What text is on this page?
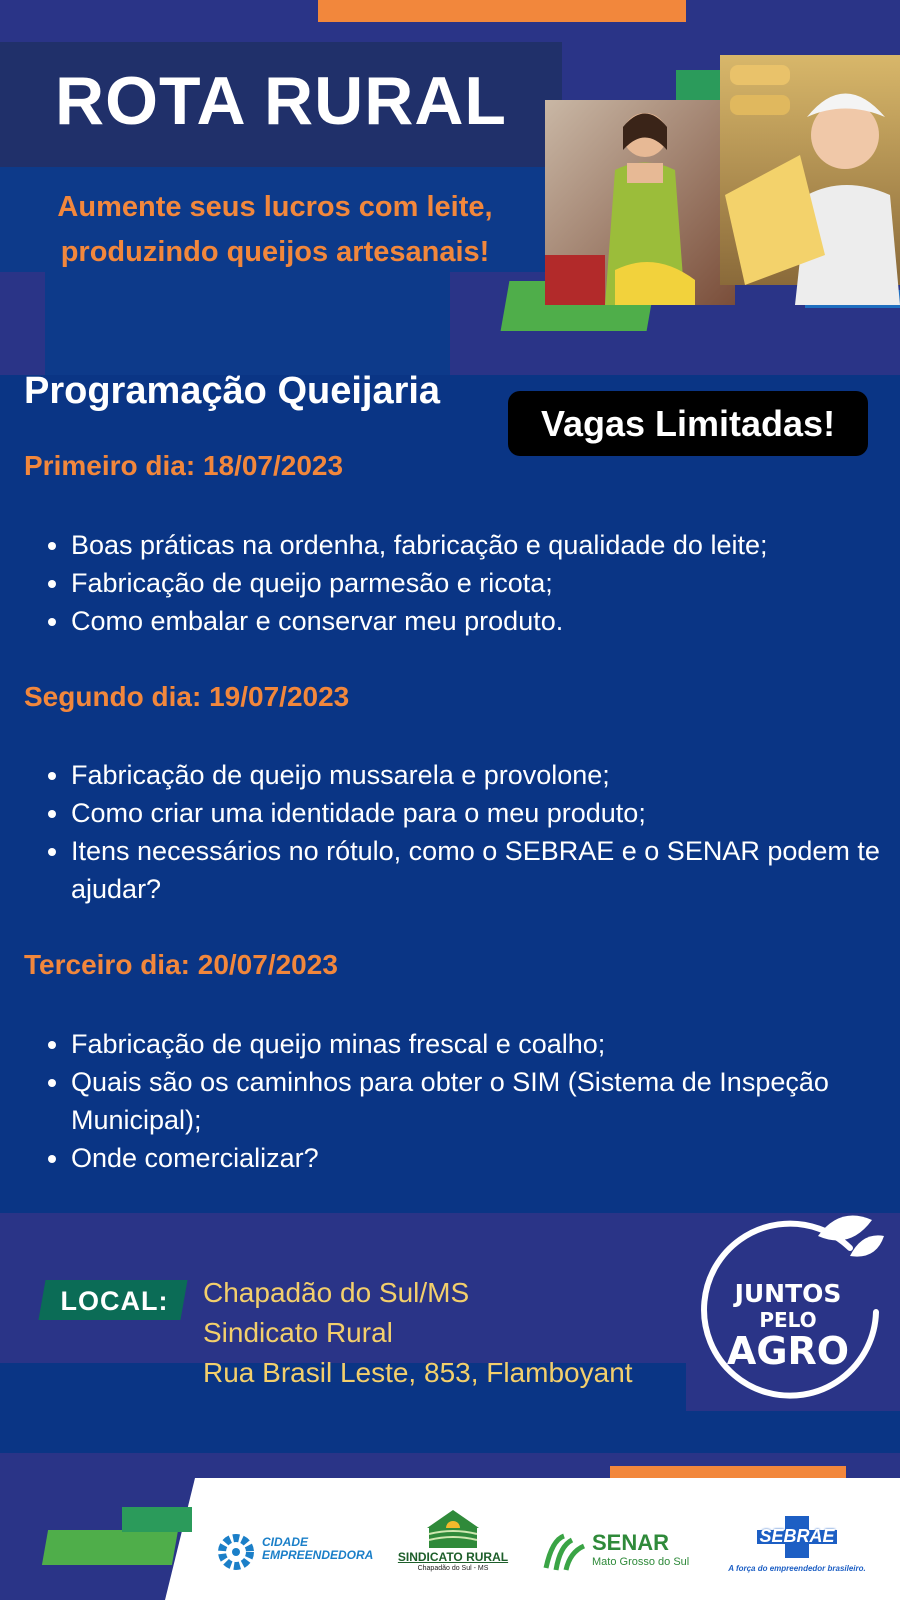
ROTA RURAL
Aumente seus lucros com leite,
produzindo queijos artesanais!
Programação Queijaria
Vagas Limitadas!
Primeiro dia: 18/07/2023
• Boas práticas na ordenha, fabricação e qualidade do leite;
• Fabricação de queijo parmesão e ricota;
• Como embalar e conservar meu produto.
Segundo dia: 19/07/2023
• Fabricação de queijo mussarela e provolone;
• Como criar uma identidade para o meu produto;
• Itens necessários no rótulo, como o SEBRAE e o SENAR podem te ajudar?
Terceiro dia: 20/07/2023
• Fabricação de queijo minas frescal e coalho;
• Quais são os caminhos para obter o SIM (Sistema de Inspeção Municipal);
• Onde comercializar?
LOCAL:	Chapadão do Sul/MS
Sindicato Rural
Rua Brasil Leste, 853, Flamboyant
JUNTOS
PELO
AGRO
CIDADE
EMPREENDEDORA	SINDICATO RURAL
Chapadão do Sul - MS
SENAR
Mato Grosso do Sul
SEBRAE
A força do empreendedor brasileiro.
